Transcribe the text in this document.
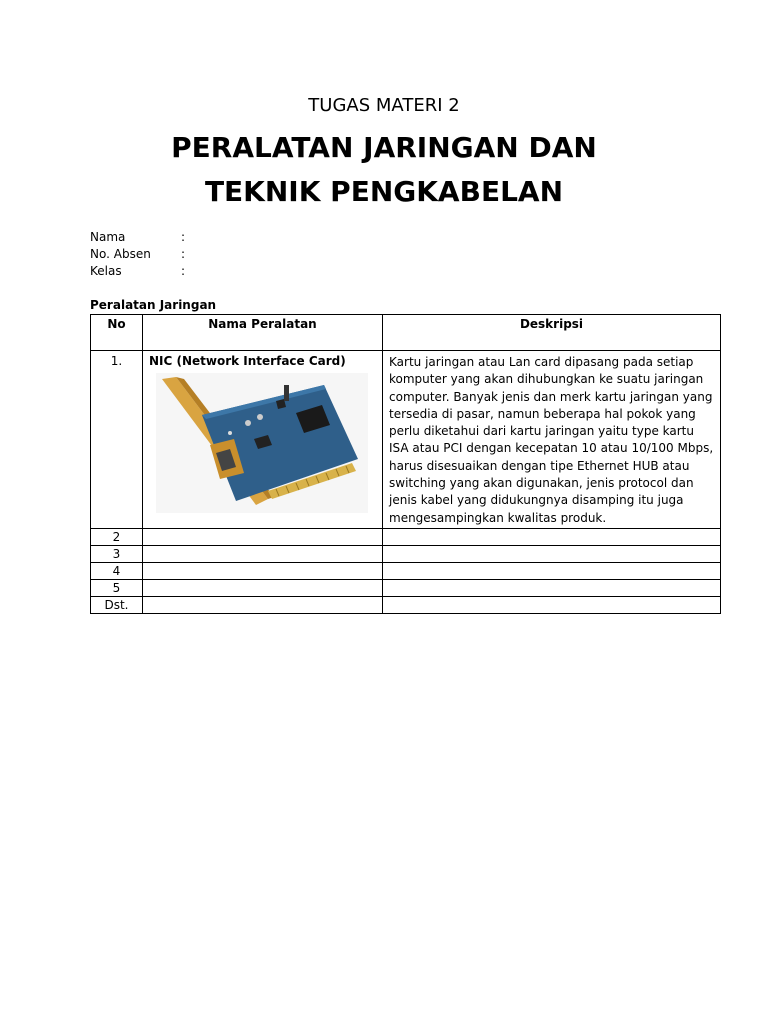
TUGAS MATERI 2
PERALATAN JARINGAN DAN TEKNIK PENGKABELAN
Nama	:
No. Absen	:
Kelas	:
Peralatan Jaringan
No	Nama Peralatan	Deskripsi
1.	NIC (Network Interface Card)	Kartu jaringan atau Lan card dipasang pada setiap komputer yang akan dihubungkan ke suatu jaringan computer. Banyak jenis dan merk kartu jaringan yang tersedia di pasar, namun beberapa hal pokok yang perlu diketahui dari kartu jaringan yaitu type kartu ISA atau PCI dengan kecepatan 10 atau 10/100 Mbps, harus disesuaikan dengan tipe Ethernet HUB atau switching yang akan digunakan, jenis protocol dan jenis kabel yang didukungnya disamping itu juga mengesampingkan kwalitas produk.
2		
3		
4		
5		
Dst.		
